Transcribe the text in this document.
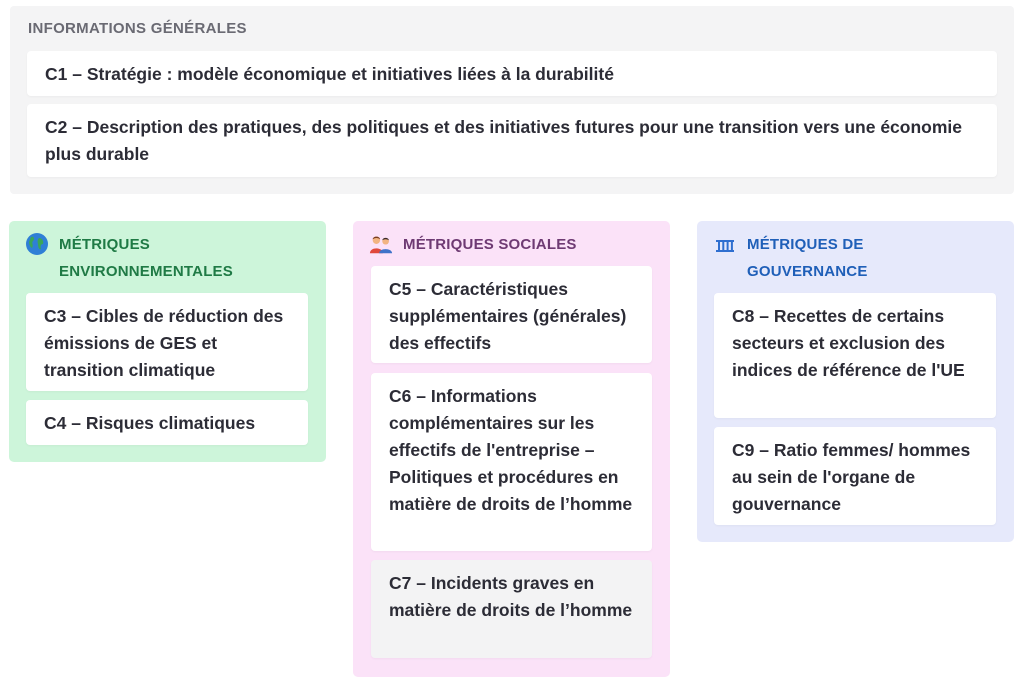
INFORMATIONS GÉNÉRALES
C1 – Stratégie : modèle économique et initiatives liées à la durabilité
C2 – Description des pratiques, des politiques et des initiatives futures pour une transition vers une économie plus durable
MÉTRIQUES
ENVIRONNEMENTALES
C3 – Cibles de réduction des émissions de GES et transition climatique
C4 – Risques climatiques
MÉTRIQUES SOCIALES
C5 – Caractéristiques supplémentaires (générales) des effectifs
C6 – Informations complémentaires sur les effectifs de l'entreprise – Politiques et procédures en matière de droits de l’homme
C7 – Incidents graves en matière de droits de l’homme
MÉTRIQUES DE
GOUVERNANCE
C8 – Recettes de certains secteurs et exclusion des indices de référence de l'UE
C9 – Ratio femmes/ hommes au sein de l'organe de gouvernance
